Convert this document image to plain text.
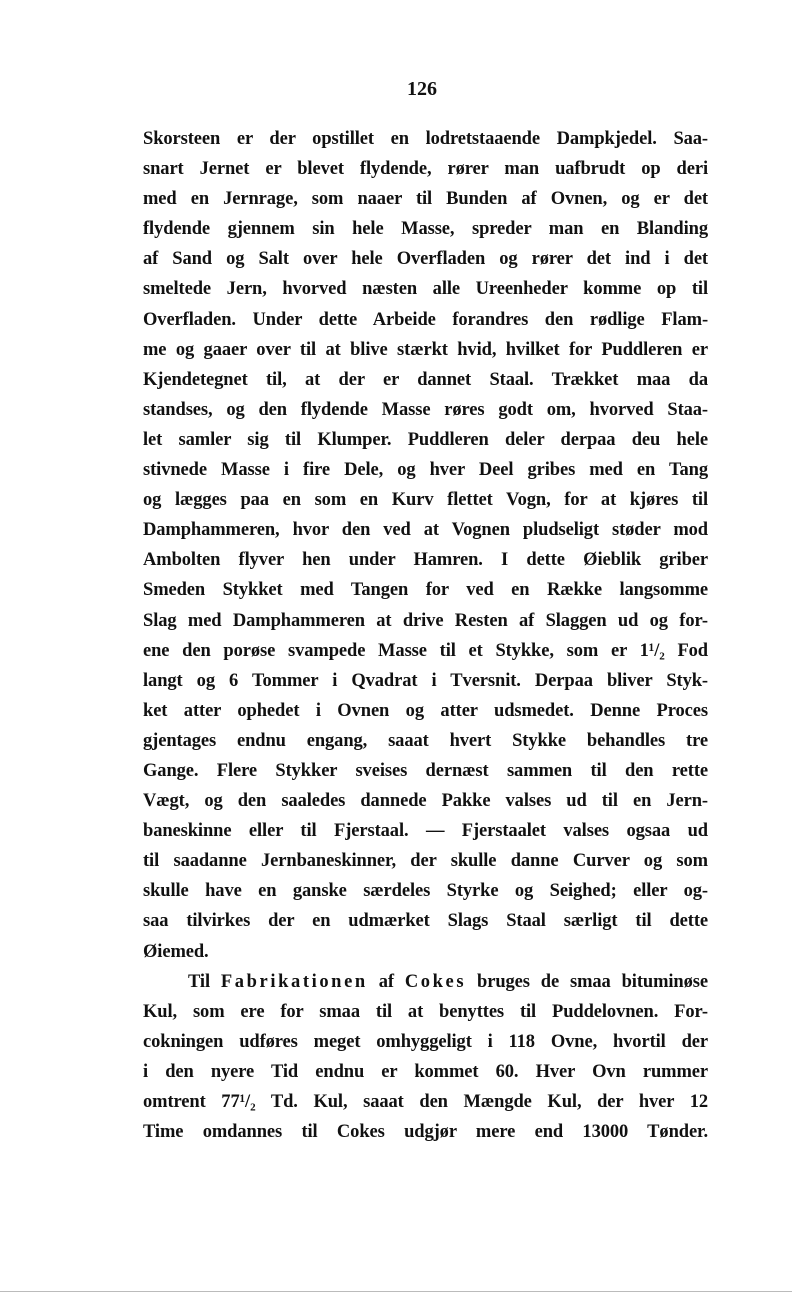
126
Skorsteen er der opstillet en lodretstaaende Dampkjedel. Saa-
snart Jernet er blevet flydende, rører man uafbrudt op deri
med en Jernrage, som naaer til Bunden af Ovnen, og er det
flydende gjennem sin hele Masse, spreder man en Blanding
af Sand og Salt over hele Overfladen og rører det ind i det
smeltede Jern, hvorved næsten alle Ureenheder komme op til
Overfladen. Under dette Arbeide forandres den rødlige Flam-
me og gaaer over til at blive stærkt hvid, hvilket for Puddleren er
Kjendetegnet til, at der er dannet Staal. Trækket maa da
standses, og den flydende Masse røres godt om, hvorved Staa-
let samler sig til Klumper. Puddleren deler derpaa deu hele
stivnede Masse i fire Dele, og hver Deel gribes med en Tang
og lægges paa en som en Kurv flettet Vogn, for at kjøres til
Damphammeren, hvor den ved at Vognen pludseligt støder mod
Ambolten flyver hen under Hamren. I dette Øieblik griber
Smeden Stykket med Tangen for ved en Række langsomme
Slag med Damphammeren at drive Resten af Slaggen ud og for-
ene den porøse svampede Masse til et Stykke, som er 1¹/₂ Fod
langt og 6 Tommer i Qvadrat i Tversnit. Derpaa bliver Styk-
ket atter ophedet i Ovnen og atter udsmedet. Denne Proces
gjentages endnu engang, saaat hvert Stykke behandles tre
Gange. Flere Stykker sveises dernæst sammen til den rette
Vægt, og den saaledes dannede Pakke valses ud til en Jern-
baneskinne eller til Fjerstaal. — Fjerstaalet valses ogsaa ud
til saadanne Jernbaneskinner, der skulle danne Curver og som
skulle have en ganske særdeles Styrke og Seighed; eller og-
saa tilvirkes der en udmærket Slags Staal særligt til dette
Øiemed.
Til Fabrikationen af Cokes bruges de smaa bituminøse
Kul, som ere for smaa til at benyttes til Puddelovnen. For-
cokningen udføres meget omhyggeligt i 118 Ovne, hvortil der
i den nyere Tid endnu er kommet 60. Hver Ovn rummer
omtrent 77¹/₂ Td. Kul, saaat den Mængde Kul, der hver 12
Time omdannes til Cokes udgjør mere end 13000 Tønder.
